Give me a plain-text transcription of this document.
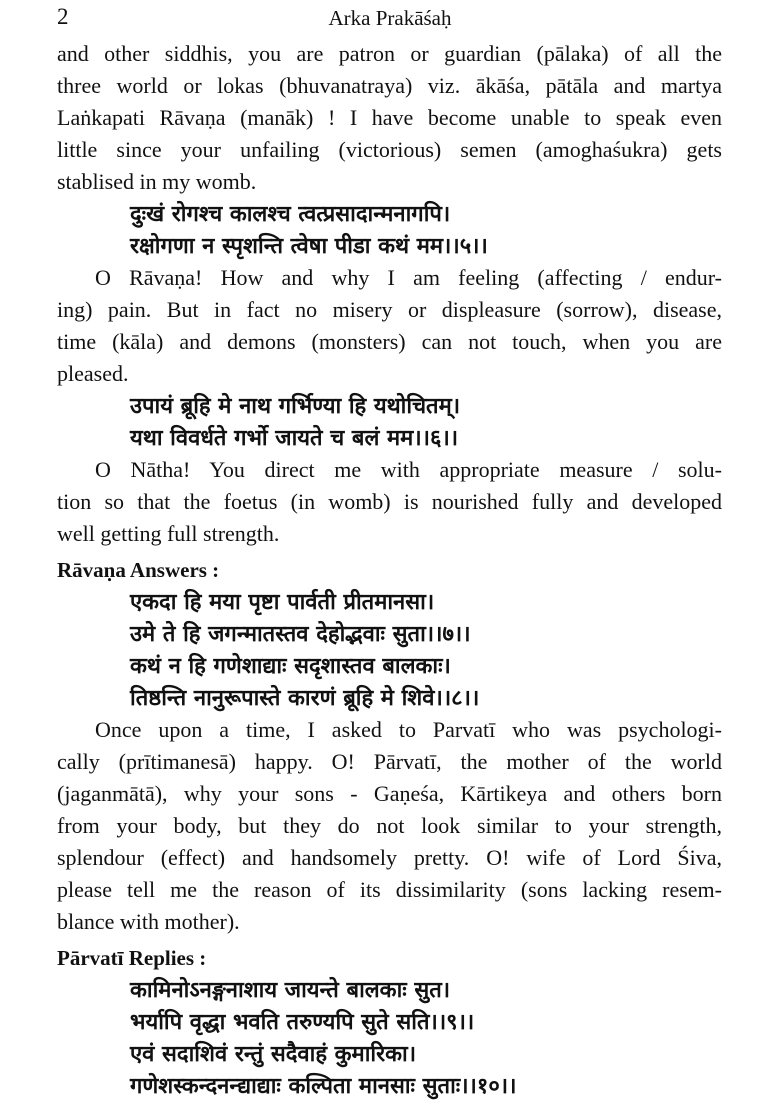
2	Arka Prakāśaḥ
and other siddhis, you are patron or guardian (pālaka) of all the
three world or lokas (bhuvanatraya) viz. ākāśa, pātāla and martya
Laṅkapati Rāvaṇa (manāk) ! I have become unable to speak even
little since your unfailing (victorious) semen (amoghaśukra) gets
stablised in my womb.
दुःखं रोगश्च कालश्च त्वत्प्रसादान्मनागपि।
रक्षोगणा न स्पृशन्ति त्वेषा पीडा कथं मम।।५।।
O Rāvaṇa! How and why I am feeling (affecting / endur-
ing) pain. But in fact no misery or displeasure (sorrow), disease,
time (kāla) and demons (monsters) can not touch, when you are
pleased.
उपायं ब्रूहि मे नाथ गर्भिण्या हि यथोचितम्।
यथा विवर्धते गर्भो जायते च बलं मम।।६।।
O Nātha! You direct me with appropriate measure / solu-
tion so that the foetus (in womb) is nourished fully and developed
well getting full strength.
Rāvaṇa Answers :
एकदा हि मया पृष्टा पार्वती प्रीतमानसा।
उमे ते हि जगन्मातस्तव देहोद्भवाः सुता।।७।।
कथं न हि गणेशाद्याः सदृशास्तव बालकाः।
तिष्ठन्ति नानुरूपास्ते कारणं ब्रूहि मे शिवे।।८।।
Once upon a time, I asked to Parvatī who was psychologi-
cally (prītimanesā) happy. O! Pārvatī, the mother of the world
(jaganmātā), why your sons - Gaṇeśa, Kārtikeya and others born
from your body, but they do not look similar to your strength,
splendour (effect) and handsomely pretty. O! wife of Lord Śiva,
please tell me the reason of its dissimilarity (sons lacking resem-
blance with mother).
Pārvatī Replies :
कामिनोऽनङ्गनाशाय जायन्ते बालकाः सुत।
भर्यापि वृद्धा भवति तरुण्यपि सुते सति।।९।।
एवं सदाशिवं रन्तुं सदैवाहं कुमारिका।
गणेशस्कन्दनन्द्याद्याः कल्पिता मानसाः सुताः।।१०।।
